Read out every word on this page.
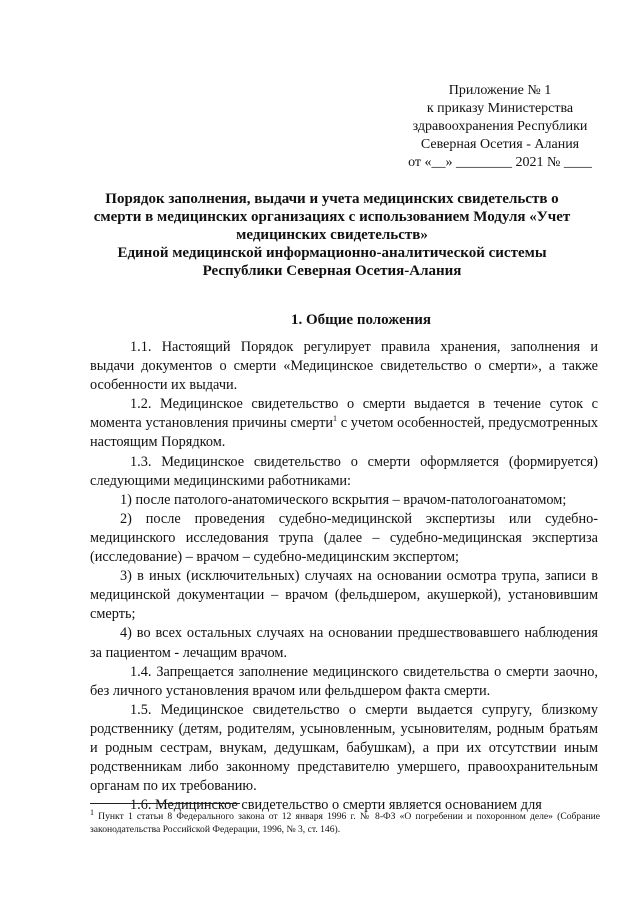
Приложение № 1
к приказу Министерства
здравоохранения Республики
Северная Осетия - Алания
от «__» ________ 2021 № ____
Порядок заполнения, выдачи и учета медицинских свидетельств о
смерти в медицинских организациях с использованием Модуля «Учет
медицинских свидетельств»
Единой медицинской информационно-аналитической системы
Республики Северная Осетия-Алания
1. Общие положения

1.1. Настоящий Порядок регулирует правила хранения, заполнения и выдачи документов о смерти «Медицинское свидетельство о смерти», а также особенности их выдачи.

1.2. Медицинское свидетельство о смерти выдается в течение суток с момента установления причины смерти$^1$ с учетом особенностей, предусмотренных настоящим Порядком.

1.3. Медицинское свидетельство о смерти оформляется (формируется) следующими медицинскими работниками:

1) после патолого-анатомического вскрытия – врачом-патологоанатомом;

2) после проведения судебно-медицинской экспертизы или судебно-медицинского исследования трупа (далее – судебно-медицинская экспертиза (исследование) – врачом – судебно-медицинским экспертом;

3) в иных (исключительных) случаях на основании осмотра трупа, записи в медицинской документации – врачом (фельдшером, акушеркой), установившим смерть;

4) во всех остальных случаях на основании предшествовавшего наблюдения за пациентом - лечащим врачом.

1.4. Запрещается заполнение медицинского свидетельства о смерти заочно, без личного установления врачом или фельдшером факта смерти.

1.5. Медицинское свидетельство о смерти выдается супругу, близкому родственнику (детям, родителям, усыновленным, усыновителям, родным братьям и родным сестрам, внукам, дедушкам, бабушкам), а при их отсутствии иным родственникам либо законному представителю умершего, правоохранительным органам по их требованию.

1.6. Медицинское свидетельство о смерти является основанием для

$^1$ Пункт 1 статьи 8 Федерального закона от 12 января 1996 г. № 8-ФЗ «О погребении и похоронном деле» (Собрание законодательства Российской Федерации, 1996, № 3, ст. 146).
